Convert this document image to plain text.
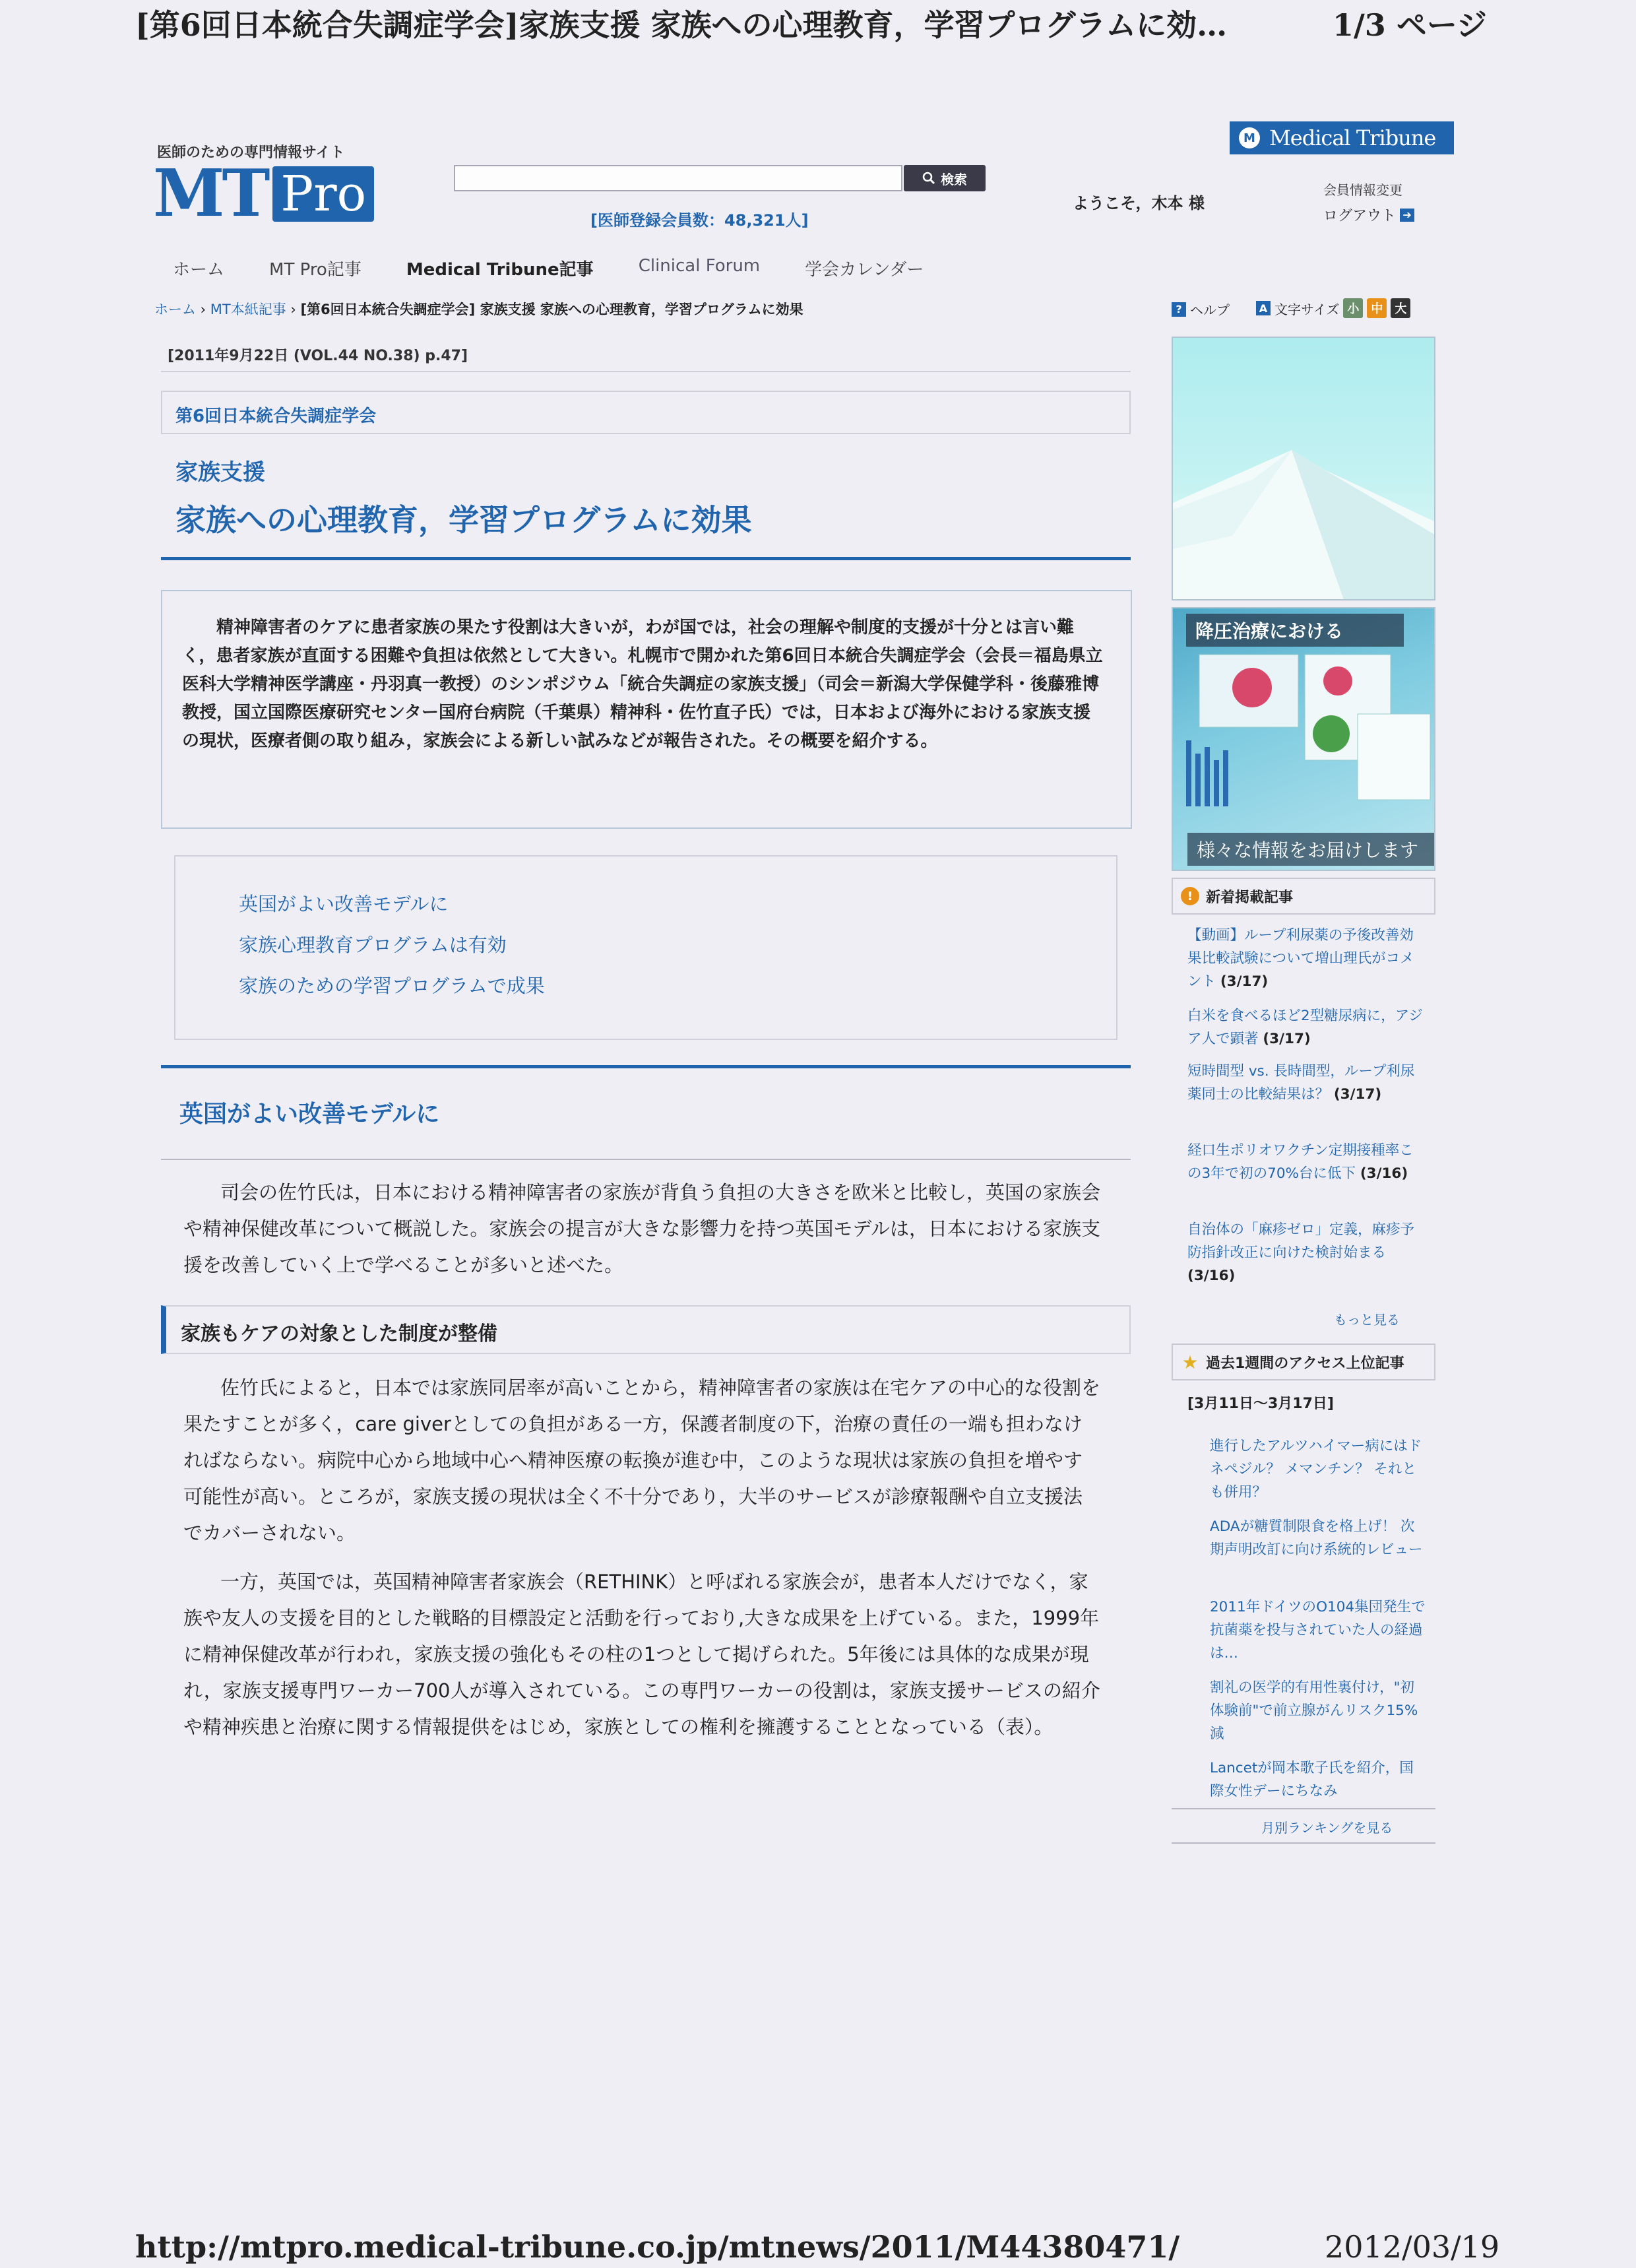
[第6回日本統合失調症学会]家族支援 家族への心理教育，学習プログラムに効…	1/3 ページ
http://mtpro.medical-tribune.co.jp/mtnews/2011/M44380471/	2012/03/19
医師のための専門情報サイト
MT Pro	検索
[医師登録会員数：48,321人]
M Medical Tribune
ようこそ，木本 様
会員情報変更
ログアウト ➔
ホーム	MT Pro記事	Medical Tribune記事	Clinical Forum	学会カレンダー
ホーム › MT本紙記事 › [第6回日本統合失調症学会] 家族支援 家族への心理教育，学習プログラムに効果	? ヘルプ	A 文字サイズ 小	中	大
[2011年9月22日 (VOL.44 NO.38) p.47]
第6回日本統合失調症学会
家族支援
家族への心理教育，学習プログラムに効果

精神障害者のケアに患者家族の果たす役割は大きいが，わが国では，社会の理解や制度的支援が十分とは言い難く，患者家族が直面する困難や負担は依然として大きい。札幌市で開かれた第6回日本統合失調症学会（会長＝福島県立医科大学精神医学講座・丹羽真一教授）のシンポジウム「統合失調症の家族支援」（司会＝新潟大学保健学科・後藤雅博教授，国立国際医療研究センター国府台病院（千葉県）精神科・佐竹直子氏）では，日本および海外における家族支援の現状，医療者側の取り組み，家族会による新しい試みなどが報告された。その概要を紹介する。

英国がよい改善モデルに
家族心理教育プログラムは有効
家族のための学習プログラムで成果
英国がよい改善モデルに

司会の佐竹氏は，日本における精神障害者の家族が背負う負担の大きさを欧米と比較し，英国の家族会や精神保健改革について概説した。家族会の提言が大きな影響力を持つ英国モデルは，日本における家族支援を改善していく上で学べることが多いと述べた。

家族もケアの対象とした制度が整備

佐竹氏によると，日本では家族同居率が高いことから，精神障害者の家族は在宅ケアの中心的な役割を果たすことが多く，care giverとしての負担がある一方，保護者制度の下，治療の責任の一端も担わなければならない。病院中心から地域中心へ精神医療の転換が進む中，このような現状は家族の負担を増やす可能性が高い。ところが，家族支援の現状は全く不十分であり，大半のサービスが診療報酬や自立支援法でカバーされない。

一方，英国では，英国精神障害者家族会（RETHINK）と呼ばれる家族会が，患者本人だけでなく，家族や友人の支援を目的とした戦略的目標設定と活動を行っており,大きな成果を上げている。また，1999年に精神保健改革が行われ，家族支援の強化もその柱の1つとして掲げられた。5年後には具体的な成果が現れ，家族支援専門ワーカー700人が導入されている。この専門ワーカーの役割は，家族支援サービスの紹介や精神疾患と治療に関する情報提供をはじめ，家族としての権利を擁護することとなっている（表）。

降圧治療における
様々な情報をお届けします
! 新着掲載記事
【動画】ループ利尿薬の予後改善効果比較試験について増山理氏がコメント (3/17)
白米を食べるほど2型糖尿病に，アジア人で顕著 (3/17)
短時間型 vs. 長時間型，ループ利尿薬同士の比較結果は？ (3/17)
経口生ポリオワクチン定期接種率この3年で初の70%台に低下 (3/16)
自治体の「麻疹ゼロ」定義，麻疹予防指針改正に向けた検討始まる (3/16)
もっと見る
★ 過去1週間のアクセス上位記事
[3月11日～3月17日]
進行したアルツハイマー病にはドネペジル？ メマンチン？ それとも併用？
ADAが糖質制限食を格上げ！ 次期声明改訂に向け系統的レビュー
2011年ドイツのO104集団発生で抗菌薬を投与されていた人の経過は…
割礼の医学的有用性裏付け，"初体験前"で前立腺がんリスク15%減
Lancetが岡本歌子氏を紹介，国際女性デーにちなみ
月別ランキングを見る
